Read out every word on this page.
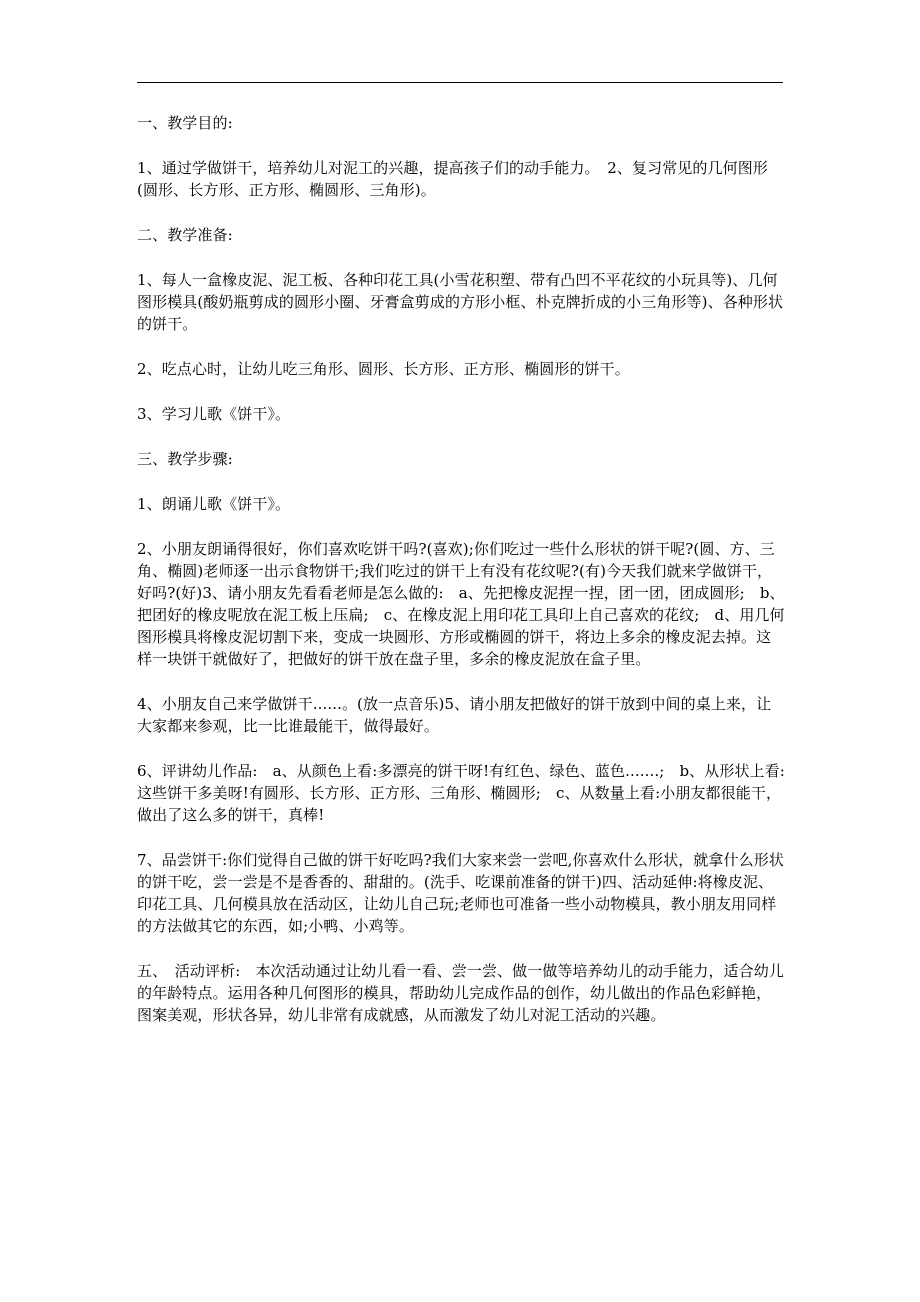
一、教学目的:

1、通过学做饼干，培养幼儿对泥工的兴趣，提高孩子们的动手能力。　2、复习常见的几何图形(圆形、长方形、正方形、椭圆形、三角形)。

二、教学准备:

1、每人一盒橡皮泥、泥工板、各种印花工具(小雪花积塑、带有凸凹不平花纹的小玩具等)、几何图形模具(酸奶瓶剪成的圆形小圈、牙膏盒剪成的方形小框、朴克牌折成的小三角形等)、各种形状的饼干。

2、吃点心时，让幼儿吃三角形、圆形、长方形、正方形、椭圆形的饼干。

3、学习儿歌《饼干》。

三、教学步骤:

1、朗诵儿歌《饼干》。

2、小朋友朗诵得很好，你们喜欢吃饼干吗?(喜欢);你们吃过一些什么形状的饼干呢?(圆、方、三角、椭圆)老师逐一出示食物饼干;我们吃过的饼干上有没有花纹呢?(有)今天我们就来学做饼干，好吗?(好)3、请小朋友先看看老师是怎么做的:　a、先把橡皮泥捏一捏，团一团，团成圆形;　b、把团好的橡皮呢放在泥工板上压扁;　c、在橡皮泥上用印花工具印上自己喜欢的花纹;　d、用几何图形模具将橡皮泥切割下来，变成一块圆形、方形或椭圆的饼干，将边上多余的橡皮泥去掉。这样一块饼干就做好了，把做好的饼干放在盘子里，多余的橡皮泥放在盒子里。

4、小朋友自己来学做饼干......。(放一点音乐)5、请小朋友把做好的饼干放到中间的桌上来，让大家都来参观，比一比谁最能干，做得最好。

6、评讲幼儿作品:　a、从颜色上看:多漂亮的饼干呀!有红色、绿色、蓝色.......;　b、从形状上看:这些饼干多美呀!有圆形、长方形、正方形、三角形、椭圆形;　c、从数量上看:小朋友都很能干，做出了这么多的饼干，真棒!

7、品尝饼干:你们觉得自己做的饼干好吃吗?我们大家来尝一尝吧,你喜欢什么形状，就拿什么形状的饼干吃，尝一尝是不是香香的、甜甜的。(洗手、吃课前准备的饼干)四、活动延伸:将橡皮泥、印花工具、几何模具放在活动区，让幼儿自己玩;老师也可准备一些小动物模具，教小朋友用同样的方法做其它的东西，如;小鸭、小鸡等。

五、　活动评析:　本次活动通过让幼儿看一看、尝一尝、做一做等培养幼儿的动手能力，适合幼儿的年龄特点。运用各种几何图形的模具，帮助幼儿完成作品的创作，幼儿做出的作品色彩鲜艳，图案美观，形状各异，幼儿非常有成就感，从而激发了幼儿对泥工活动的兴趣。
